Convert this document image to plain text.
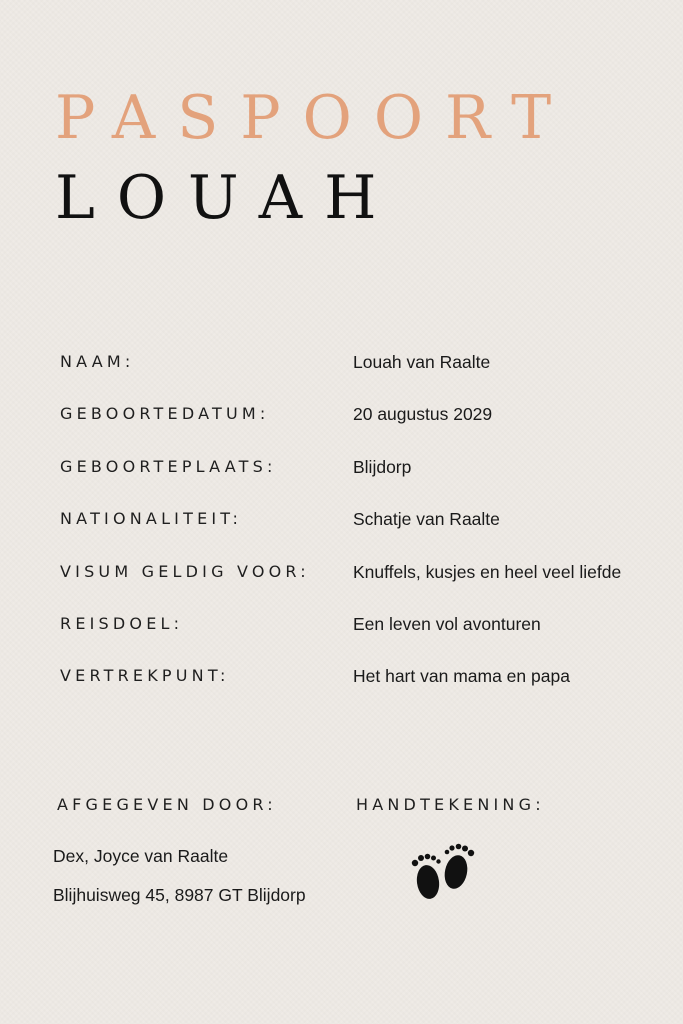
PASPOORT
LOUAH
NAAM:	Louah van Raalte
GEBOORTEDATUM:	20 augustus 2029
GEBOORTEPLAATS:	Blijdorp
NATIONALITEIT:	Schatje van Raalte
VISUM GELDIG VOOR: Knuffels, kusjes en heel veel liefde
REISDOEL:	Een leven vol avonturen
VERTREKPUNT:	Het hart van mama en papa
AFGEGEVEN DOOR:	HANDTEKENING:
Dex, Joyce van Raalte
Blijhuisweg 45, 8987 GT Blijdorp
